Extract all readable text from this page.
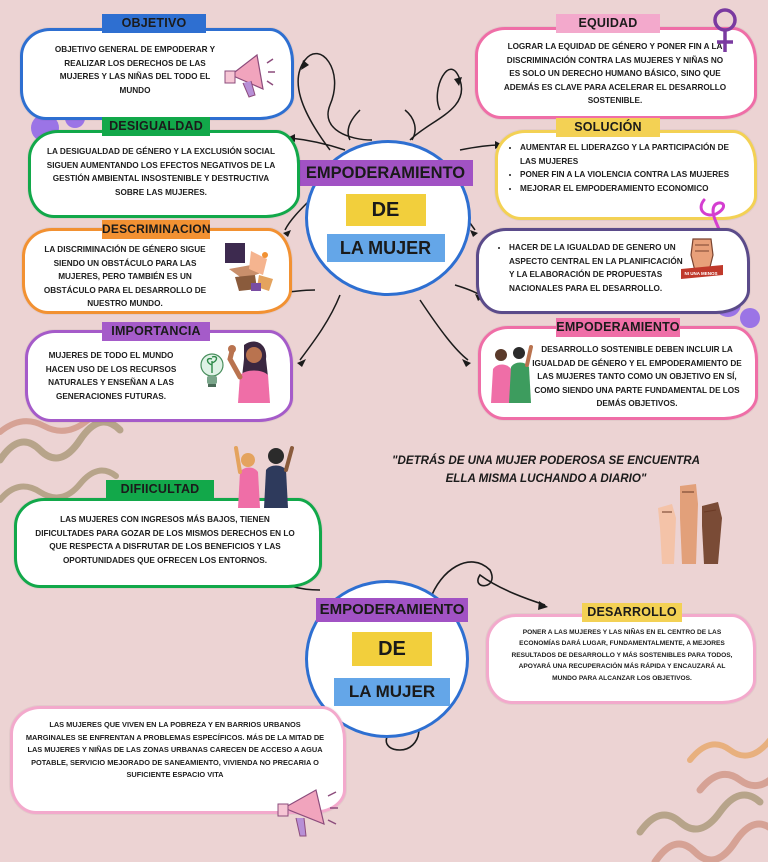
EMPODERAMIENTO
DE
LA MUJER
OBJETIVO GENERAL DE EMPODERAR Y REALIZAR LOS DERECHOS DE LAS MUJERES Y LAS NIÑAS DEL TODO EL MUNDO
OBJETIVO
LA DESIGUALDAD DE GÉNERO Y LA EXCLUSIÓN SOCIAL SIGUEN AUMENTANDO LOS EFECTOS NEGATIVOS DE LA GESTIÓN AMBIENTAL INSOSTENIBLE Y DESTRUCTIVA SOBRE LAS MUJERES.
DESIGUALDAD
LA DISCRIMINACIÓN DE GÉNERO SIGUE SIENDO UN OBSTÁCULO PARA LAS MUJERES, PERO TAMBIÉN ES UN OBSTÁCULO PARA EL DESARROLLO DE NUESTRO MUNDO.
DESCRIMINACION
MUJERES DE TODO EL MUNDO HACEN USO DE LOS RECURSOS NATURALES Y ENSEÑAN A LAS GENERACIONES FUTURAS.
IMPORTANCIA
LOGRAR LA EQUIDAD DE GÉNERO Y PONER FIN A LA DISCRIMINACIÓN CONTRA LAS MUJERES Y NIÑAS NO ES SOLO UN DERECHO HUMANO BÁSICO, SINO QUE ADEMÁS ES CLAVE PARA ACELERAR EL DESARROLLO SOSTENIBLE.
EQUIDAD
• AUMENTAR EL LIDERAZGO Y LA PARTICIPACIÓN DE LAS MUJERES
• PONER FIN A LA VIOLENCIA CONTRA LAS MUJERES
• MEJORAR EL EMPODERAMIENTO ECONOMICO
SOLUCIÓN
• HACER DE LA IGUALDAD DE GENERO UN ASPECTO CENTRAL EN LA PLANIFICACIÓN Y LA ELABORACIÓN DE PROPUESTAS NACIONALES PARA EL DESARROLLO.
NI UNA MENOS
DESARROLLO SOSTENIBLE DEBEN INCLUIR LA IGUALDAD DE GÉNERO Y EL EMPODERAMIENTO DE LAS MUJERES TANTO COMO UN OBJETIVO EN SÍ, COMO SIENDO UNA PARTE FUNDAMENTAL DE LOS DEMÁS OBJETIVOS.
EMPODERAMIENTO
"DETRÁS DE UNA MUJER PODEROSA SE ENCUENTRA
ELLA MISMA LUCHANDO A DIARIO"
EMPODERAMIENTO
DE
LA MUJER
LAS MUJERES CON INGRESOS MÁS BAJOS, TIENEN DIFICULTADES PARA GOZAR DE LOS MISMOS DERECHOS EN LO QUE RESPECTA A DISFRUTAR DE LOS BENEFICIOS Y LAS OPORTUNIDADES QUE OFRECEN LOS ENTORNOS.
DIFIICULTAD
PONER A LAS MUJERES Y LAS NIÑAS EN EL CENTRO DE LAS ECONOMÍAS DARÁ LUGAR, FUNDAMENTALMENTE, A MEJORES RESULTADOS DE DESARROLLO Y MÁS SOSTENIBLES PARA TODOS, APOYARÁ UNA RECUPERACIÓN MÁS RÁPIDA Y ENCAUZARÁ AL MUNDO PARA ALCANZAR LOS OBJETIVOS.
DESARROLLO
LAS MUJERES QUE VIVEN EN LA POBREZA Y EN BARRIOS URBANOS MARGINALES SE ENFRENTAN A PROBLEMAS ESPECÍFICOS. MÁS DE LA MITAD DE LAS MUJERES Y NIÑAS DE LAS ZONAS URBANAS CARECEN DE ACCESO A AGUA POTABLE, SERVICIO MEJORADO DE SANEAMIENTO, VIVIENDA NO PRECARIA O SUFICIENTE ESPACIO VITA
